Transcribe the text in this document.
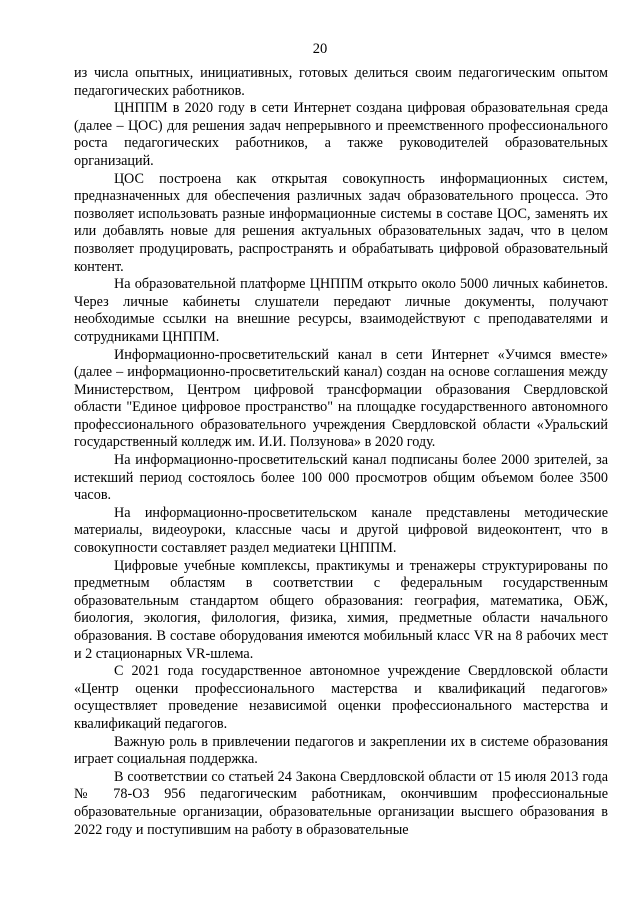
20

из числа опытных, инициативных, готовых делиться своим педагогическим опытом педагогических работников.

ЦНППМ в 2020 году в сети Интернет создана цифровая образовательная среда (далее – ЦОС) для решения задач непрерывного и преемственного профессионального роста педагогических работников, а также руководителей образовательных организаций.

ЦОС построена как открытая совокупность информационных систем, предназначенных для обеспечения различных задач образовательного процесса. Это позволяет использовать разные информационные системы в составе ЦОС, заменять их или добавлять новые для решения актуальных образовательных задач, что в целом позволяет продуцировать, распространять и обрабатывать цифровой образовательный контент.

На образовательной платформе ЦНППМ открыто около 5000 личных кабинетов. Через личные кабинеты слушатели передают личные документы, получают необходимые ссылки на внешние ресурсы, взаимодействуют с преподавателями и сотрудниками ЦНППМ.

Информационно-просветительский канал в сети Интернет «Учимся вместе» (далее – информационно-просветительский канал) создан на основе соглашения между Министерством, Центром цифровой трансформации образования Свердловской области "Единое цифровое пространство" на площадке государственного автономного профессионального образовательного учреждения Свердловской области «Уральский государственный колледж им. И.И. Ползунова» в 2020 году.

На информационно-просветительский канал подписаны более 2000 зрителей, за истекший период состоялось более 100 000 просмотров общим объемом более 3500 часов.

На информационно-просветительском канале представлены методические материалы, видеоуроки, классные часы и другой цифровой видеоконтент, что в совокупности составляет раздел медиатеки ЦНППМ.

Цифровые учебные комплексы, практикумы и тренажеры структурированы по предметным областям в соответствии с федеральным государственным образовательным стандартом общего образования: география, математика, ОБЖ, биология, экология, филология, физика, химия, предметные области начального образования. В составе оборудования имеются мобильный класс VR на 8 рабочих мест и 2 стационарных VR-шлема.

С 2021 года государственное автономное учреждение Свердловской области «Центр оценки профессионального мастерства и квалификаций педагогов» осуществляет проведение независимой оценки профессионального мастерства и квалификаций педагогов.

Важную роль в привлечении педагогов и закреплении их в системе образования играет социальная поддержка.

В соответствии со статьей 24 Закона Свердловской области от 15 июля 2013 года № 78-ОЗ 956 педагогическим работникам, окончившим профессиональные образовательные организации, образовательные организации высшего образования в 2022 году и поступившим на работу в образовательные
